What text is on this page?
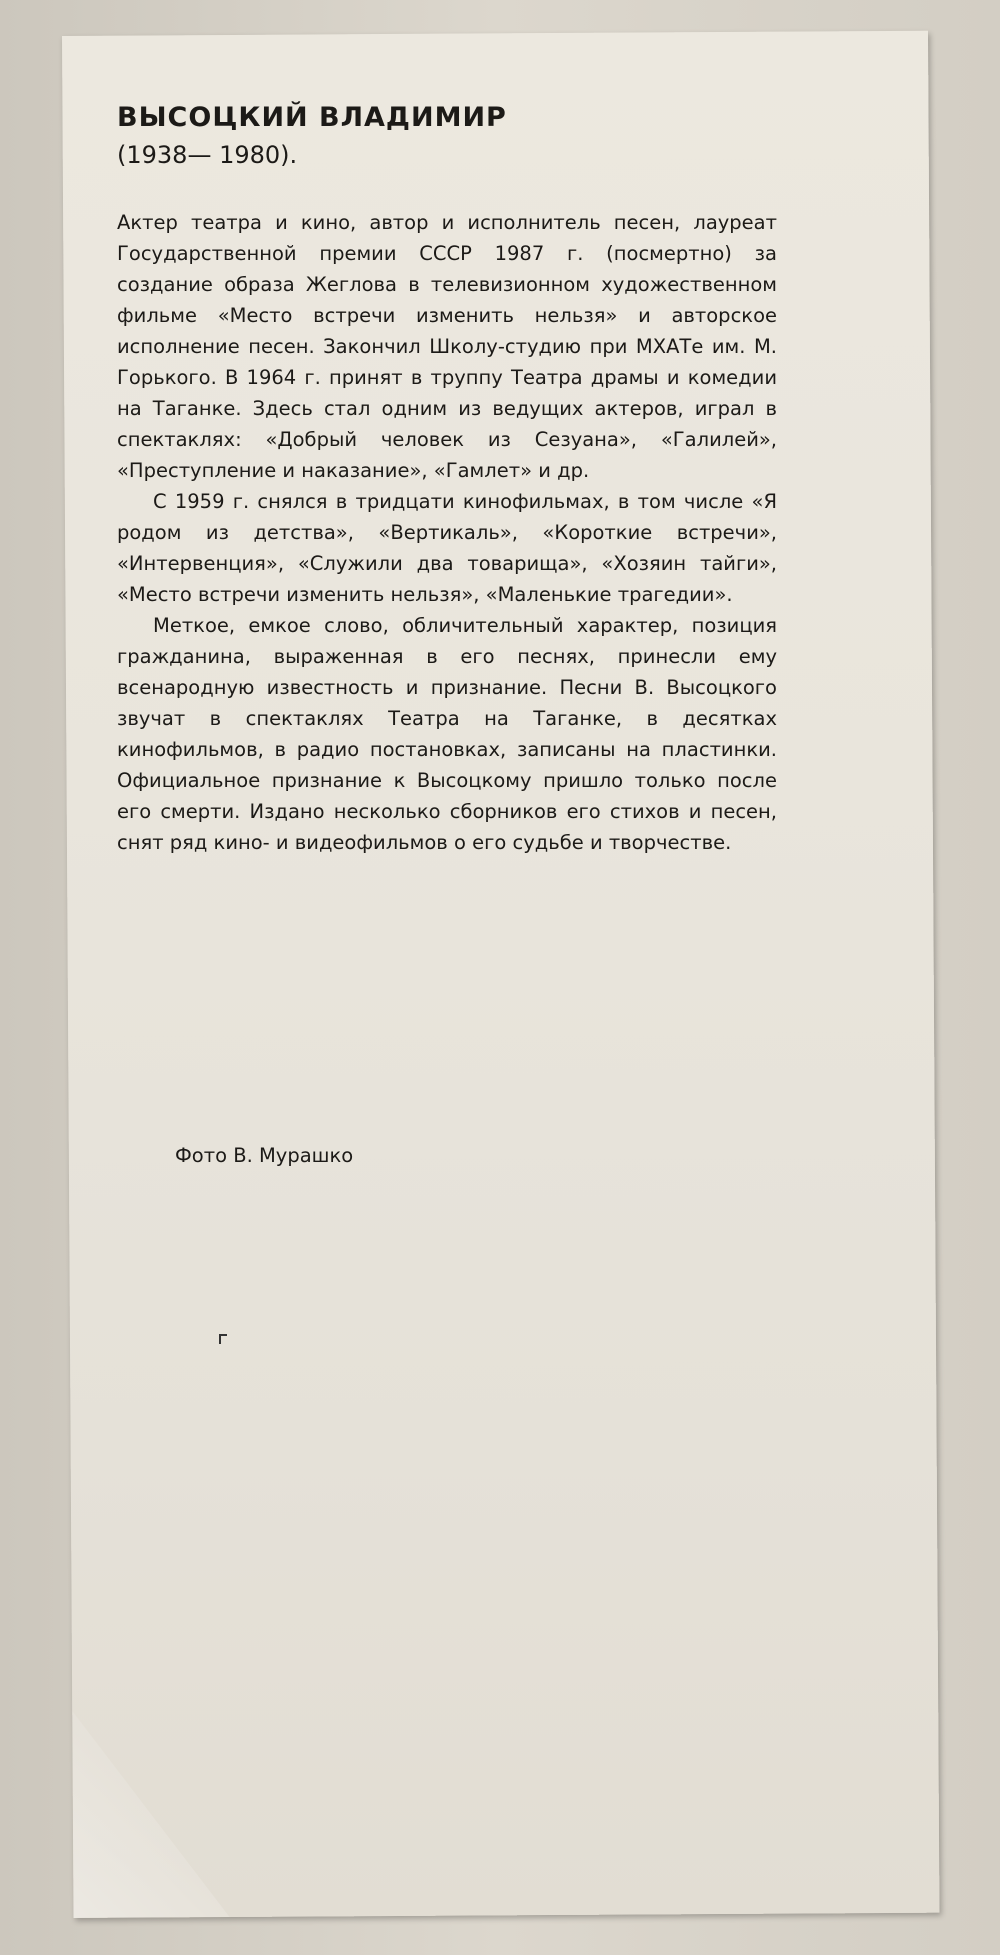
ВЫСОЦКИЙ ВЛАДИМИР

(1938— 1980).

Актер театра и кино, автор и исполнитель песен, лауреат Государственной премии СССР 1987 г. (посмертно) за создание образа Жеглова в телевизионном художественном фильме «Место встречи изменить нельзя» и авторское исполнение песен. Закончил Школу-студию при МХАТе им. М. Горького. В 1964 г. принят в труппу Театра драмы и комедии на Таганке. Здесь стал одним из ведущих актеров, играл в спектаклях: «Добрый человек из Сезуана», «Галилей», «Преступление и наказание», «Гамлет» и др.

С 1959 г. снялся в тридцати кинофильмах, в том числе «Я родом из детства», «Вертикаль», «Короткие встречи», «Интервенция», «Служили два товарища», «Хозяин тайги», «Место встречи изменить нельзя», «Маленькие трагедии».

Меткое, емкое слово, обличительный характер, позиция гражданина, выраженная в его песнях, принесли ему всенародную известность и признание. Песни В. Высоцкого звучат в спектаклях Театра на Таганке, в десятках кинофильмов, в радио постановках, записаны на пластинки. Официальное признание к Высоцкому пришло только после его смерти. Издано несколько сборников его стихов и песен, снят ряд кино- и видеофильмов о его судьбе и творчестве.

Фото В. Мурашко
